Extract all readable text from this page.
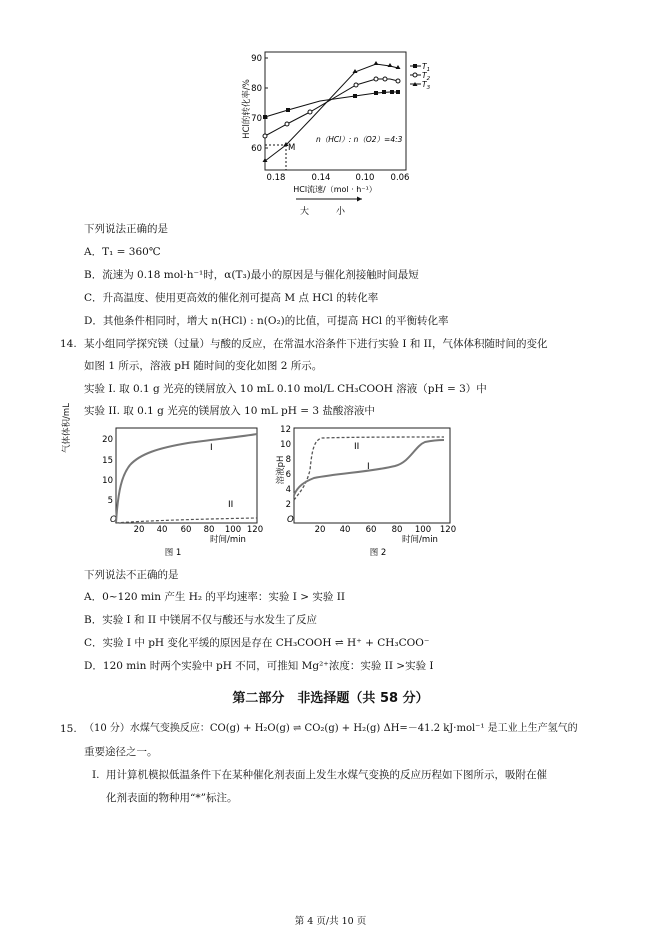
90
80
70
60
0.18	0.14	0.10 0.06
M
n（HCl）: n（O2）=4:3
HCl流速/（mol · h⁻¹）
大	小
$T_1$
$T_2$
$T_3$
HCl的转化率/%
下列说法正确的是
A．T₁ = 360℃
B．流速为 0.18 mol·h⁻¹时，α(T₃)最小的原因是与催化剂接触时间最短
C．升高温度、使用更高效的催化剂可提高 M 点 HCl 的转化率
D．其他条件相同时，增大 n(HCl) : n(O₂)的比值，可提高 HCl 的平衡转化率
14. 某小组同学探究镁（过量）与酸的反应，在常温水浴条件下进行实验 I 和 II，气体体积随时间的变化
如图 1 所示，溶液 pH 随时间的变化如图 2 所示。
实验 I. 取 0.1 g 光亮的镁屑放入 10 mL 0.10 mol/L CH₃COOH 溶液（pH = 3）中
实验 II. 取 0.1 g 光亮的镁屑放入 10 mL pH = 3 盐酸溶液中
20
15
10
5
O
20 40 60 80 100 120
时间/min
I
II
图 1
气体体积/mL	12
10
8
6
4
2
O
20 40 60 80 100 120
时间/min
II
I
图 2
溶液pH
下列说法不正确的是
A．0~120 min 产生 H₂ 的平均速率：实验 I > 实验 II
B．实验 I 和 II 中镁屑不仅与酸还与水发生了反应
C．实验 I 中 pH 变化平缓的原因是存在 CH₃COOH ⇌ H⁺ + CH₃COO⁻
D．120 min 时两个实验中 pH 不同，可推知 Mg²⁺浓度：实验 II >实验 I
第二部分　非选择题（共 58 分）
15. （10 分）水煤气变换反应：CO(g) + H₂O(g) ⇌ CO₂(g) + H₂(g) ΔH=－41.2 kJ·mol⁻¹ 是工业上生产氢气的
重要途径之一。
Ⅰ. 用计算机模拟低温条件下在某种催化剂表面上发生水煤气变换的反应历程如下图所示，吸附在催
化剂表面的物种用“*”标注。
第 4 页/共 10 页
